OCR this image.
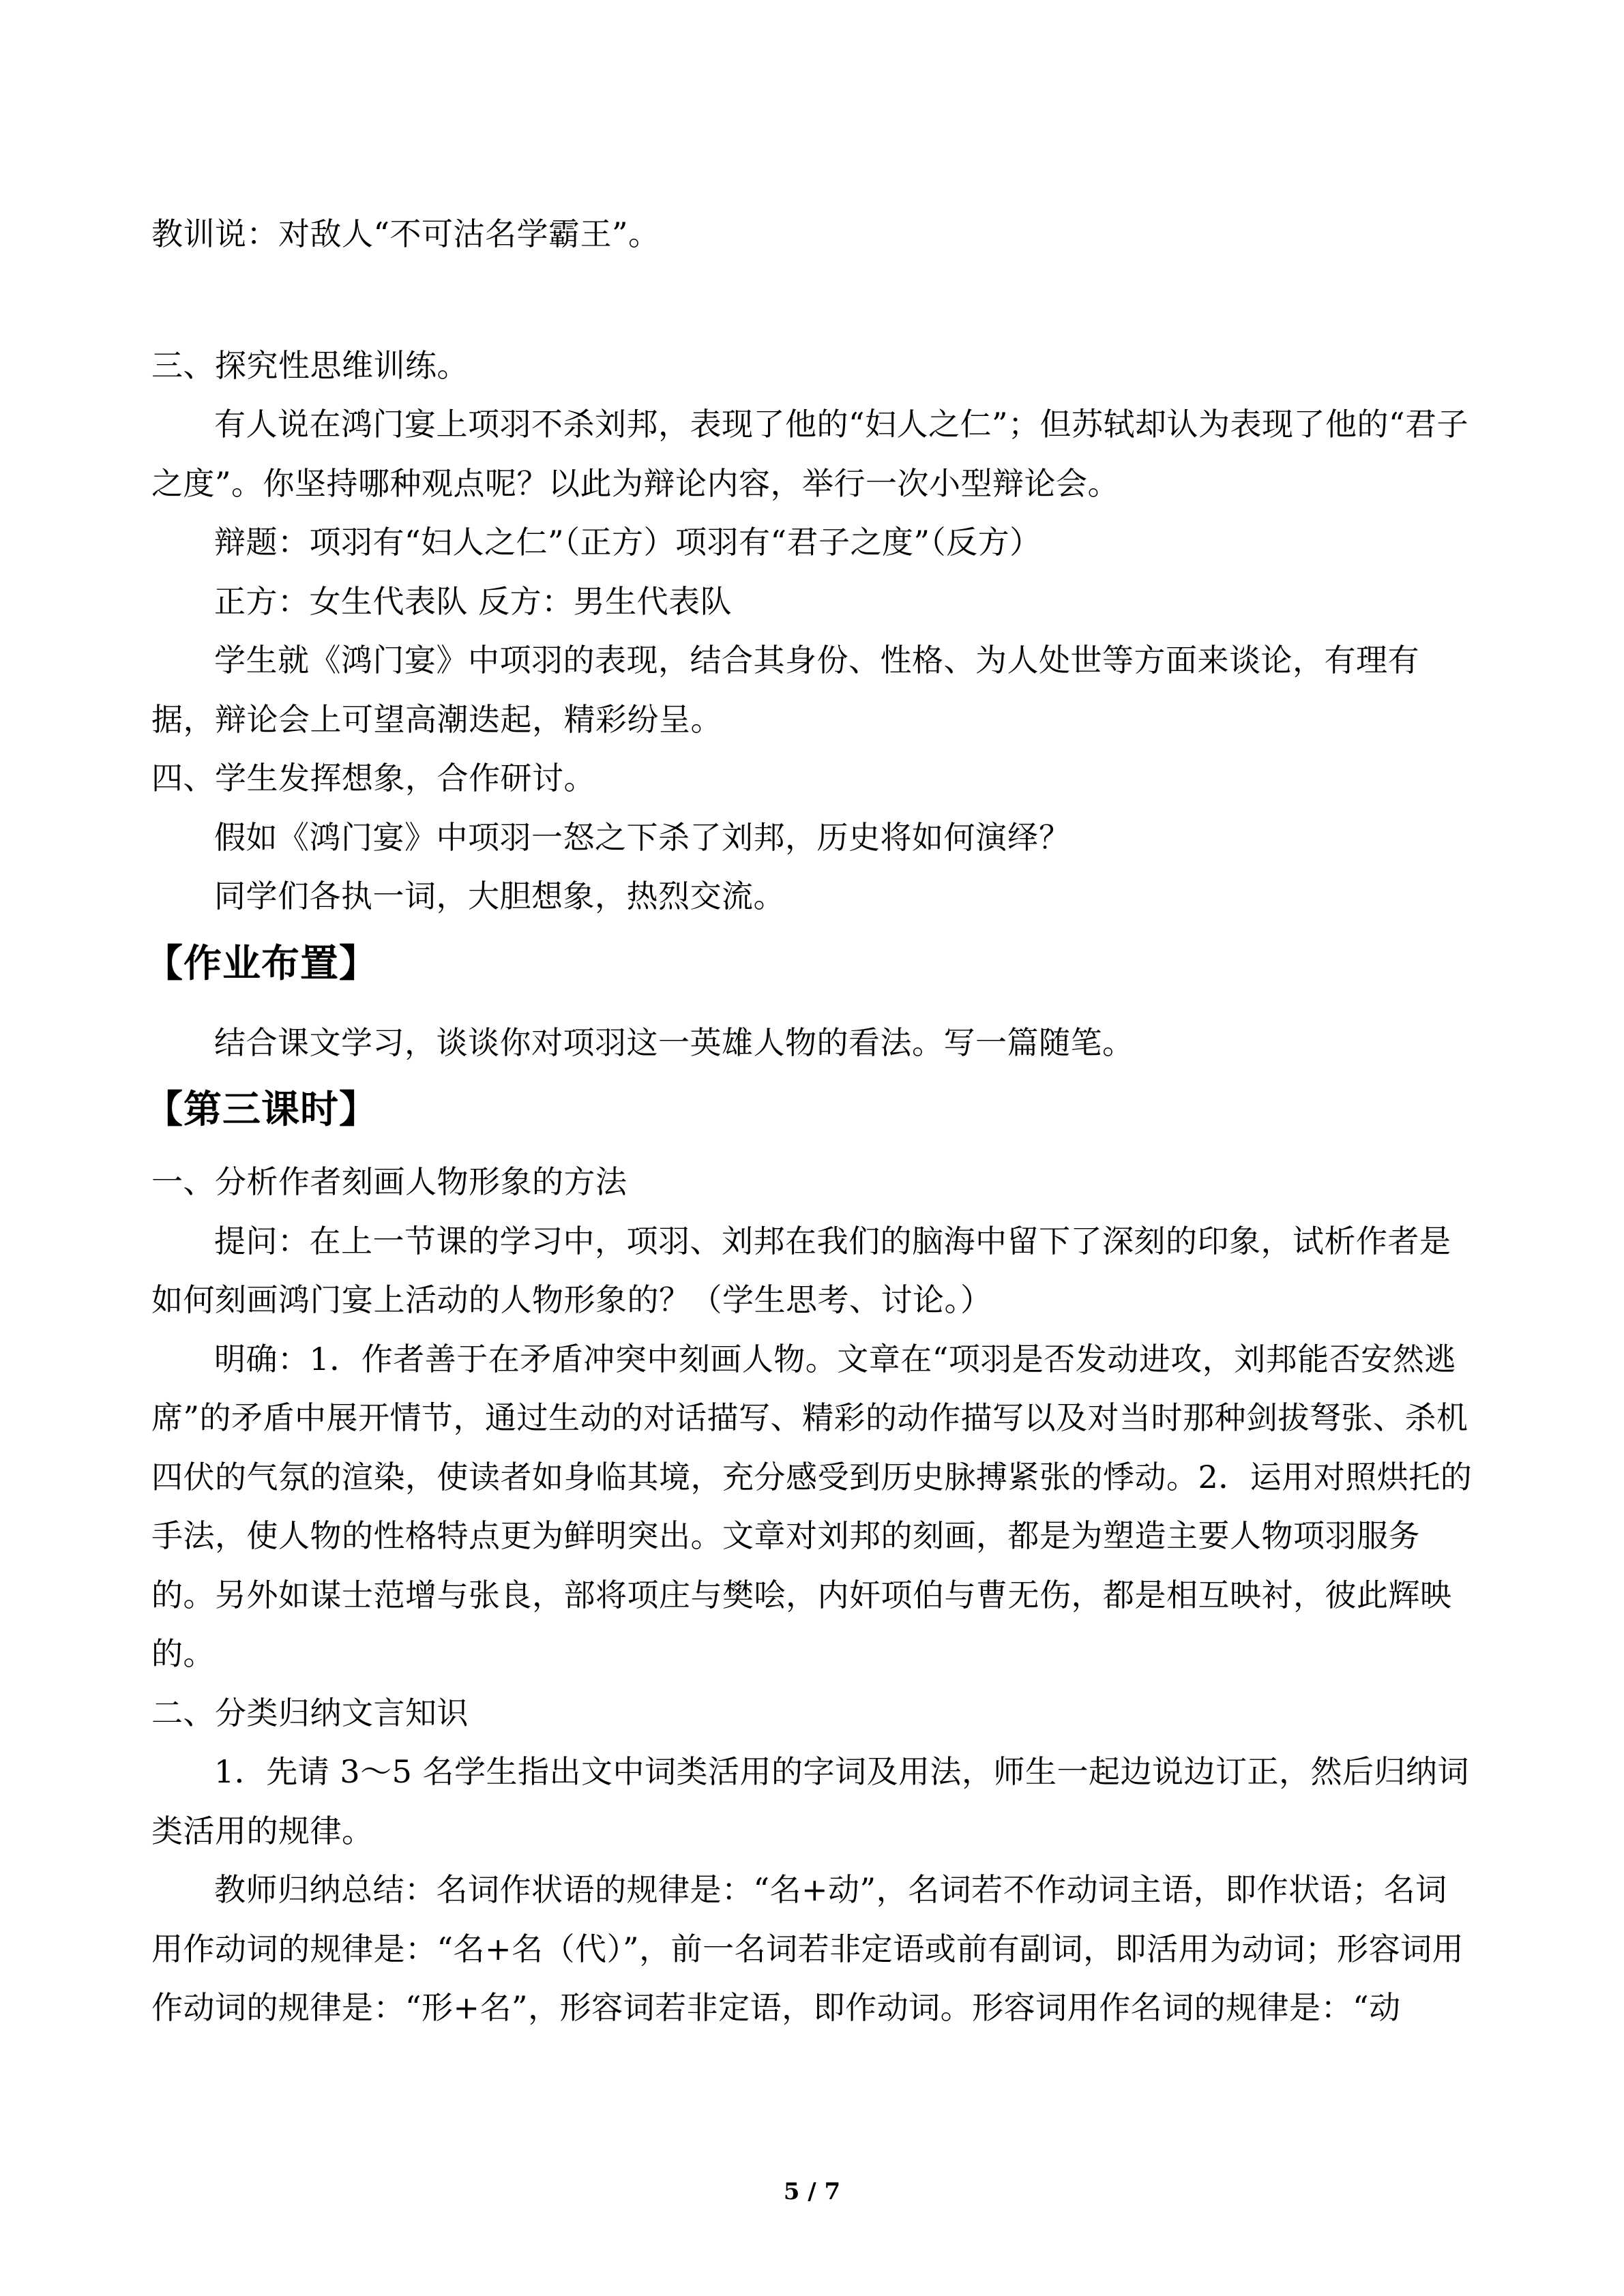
教训说：对敌人“不可沽名学霸王”。

三、探究性思维训练。

有人说在鸿门宴上项羽不杀刘邦，表现了他的“妇人之仁”；但苏轼却认为表现了他的“君子之度”。你坚持哪种观点呢？以此为辩论内容，举行一次小型辩论会。

辩题：项羽有“妇人之仁”（正方）项羽有“君子之度”（反方）

正方：女生代表队 反方：男生代表队

学生就《鸿门宴》中项羽的表现，结合其身份、性格、为人处世等方面来谈论，有理有据，辩论会上可望高潮迭起，精彩纷呈。

四、学生发挥想象，合作研讨。

假如《鸿门宴》中项羽一怒之下杀了刘邦，历史将如何演绎？

同学们各执一词，大胆想象，热烈交流。

【作业布置】

结合课文学习，谈谈你对项羽这一英雄人物的看法。写一篇随笔。

【第三课时】

一、分析作者刻画人物形象的方法

提问：在上一节课的学习中，项羽、刘邦在我们的脑海中留下了深刻的印象，试析作者是如何刻画鸿门宴上活动的人物形象的？（学生思考、讨论。）

明确：1．作者善于在矛盾冲突中刻画人物。文章在“项羽是否发动进攻，刘邦能否安然逃席”的矛盾中展开情节，通过生动的对话描写、精彩的动作描写以及对当时那种剑拔弩张、杀机四伏的气氛的渲染，使读者如身临其境，充分感受到历史脉搏紧张的悸动。2．运用对照烘托的手法，使人物的性格特点更为鲜明突出。文章对刘邦的刻画，都是为塑造主要人物项羽服务的。另外如谋士范增与张良，部将项庄与樊哙，内奸项伯与曹无伤，都是相互映衬，彼此辉映的。

二、分类归纳文言知识

1．先请 3～5 名学生指出文中词类活用的字词及用法，师生一起边说边订正，然后归纳词类活用的规律。

教师归纳总结：名词作状语的规律是：“名+动”，名词若不作动词主语，即作状语；名词用作动词的规律是：“名+名（代）”，前一名词若非定语或前有副词，即活用为动词；形容词用作动词的规律是：“形+名”，形容词若非定语，即作动词。形容词用作名词的规律是：“动

5 / 7
